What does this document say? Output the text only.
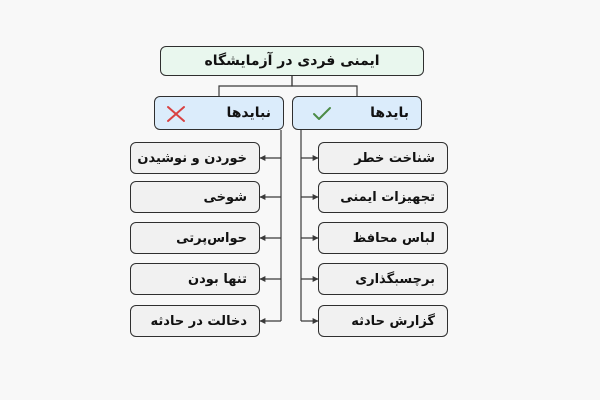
ایمنی فردی در آزمایشگاه
نبایدها	بایدها
شناخت خطر
تجهیزات ایمنی
لباس محافظ
برچسبگذاری
گزارش حادثه
خوردن و نوشیدن
شوخی
حواس‌پرتی
تنها بودن
دخالت در حادثه
